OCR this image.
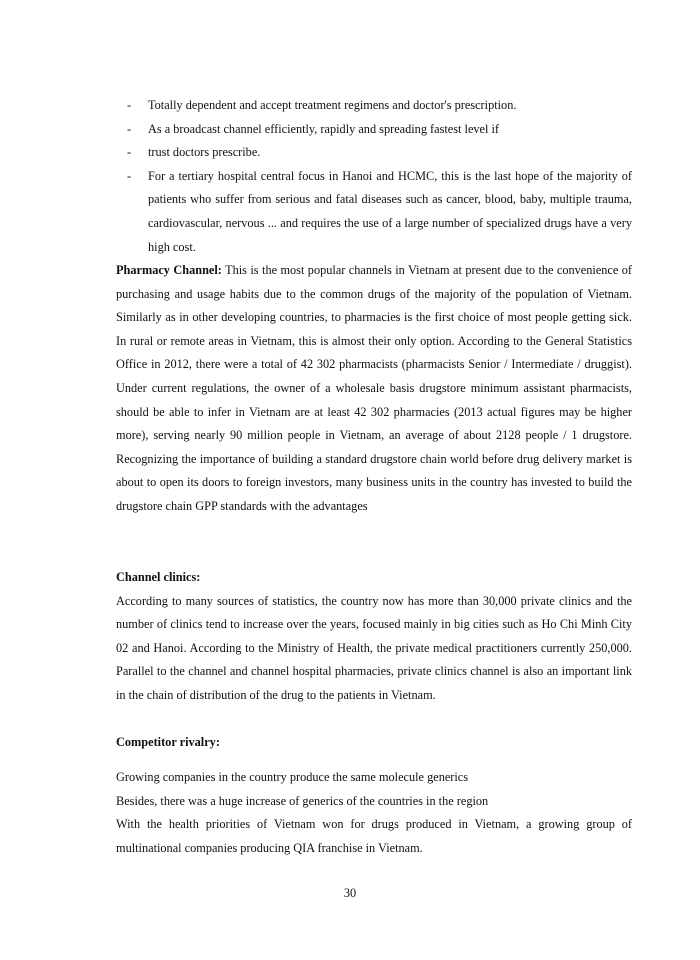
- Totally dependent and accept treatment regimens and doctor's prescription.
- As a broadcast channel efficiently, rapidly and spreading fastest level if
- trust doctors prescribe.
- For a tertiary hospital central focus in Hanoi and HCMC, this is the last hope of the majority of patients who suffer from serious and fatal diseases such as cancer, blood, baby, multiple trauma, cardiovascular, nervous ... and requires the use of a large number of specialized drugs have a very high cost.
Pharmacy Channel: This is the most popular channels in Vietnam at present due to the convenience of purchasing and usage habits due to the common drugs of the majority of the population of Vietnam. Similarly as in other developing countries, to pharmacies is the first choice of most people getting sick. In rural or remote areas in Vietnam, this is almost their only option. According to the General Statistics Office in 2012, there were a total of 42 302 pharmacists (pharmacists Senior / Intermediate / druggist). Under current regulations, the owner of a wholesale basis drugstore minimum assistant pharmacists, should be able to infer in Vietnam are at least 42 302 pharmacies (2013 actual figures may be higher more), serving nearly 90 million people in Vietnam, an average of about 2128 people / 1 drugstore. Recognizing the importance of building a standard drugstore chain world before drug delivery market is about to open its doors to foreign investors, many business units in the country has invested to build the drugstore chain GPP standards with the advantages
Channel clinics:
According to many sources of statistics, the country now has more than 30,000 private clinics and the number of clinics tend to increase over the years, focused mainly in big cities such as Ho Chi Minh City 02 and Hanoi. According to the Ministry of Health, the private medical practitioners currently 250,000. Parallel to the channel and channel hospital pharmacies, private clinics channel is also an important link in the chain of distribution of the drug to the patients in Vietnam.
Competitor rivalry:
Growing companies in the country produce the same molecule generics
Besides, there was a huge increase of generics of the countries in the region
With the health priorities of Vietnam won for drugs produced in Vietnam, a growing group of multinational companies producing QIA franchise in Vietnam.
30
